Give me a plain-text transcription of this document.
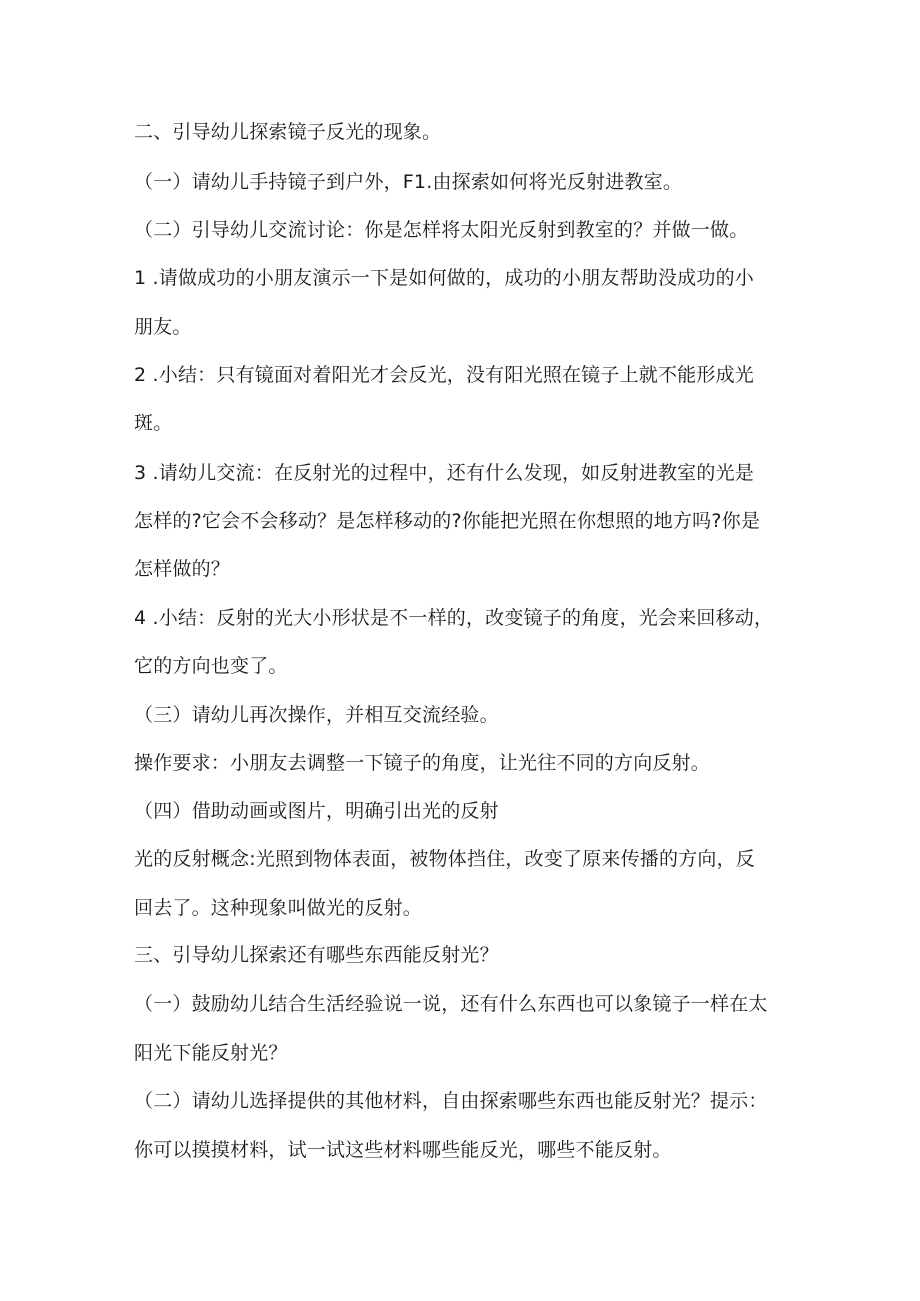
二、引导幼儿探索镜子反光的现象。
（一）请幼儿手持镜子到户外，F1.由探索如何将光反射进教室。
（二）引导幼儿交流讨论：你是怎样将太阳光反射到教室的？并做一做。
1 .请做成功的小朋友演示一下是如何做的，成功的小朋友帮助没成功的小
朋友。
2 .小结：只有镜面对着阳光才会反光，没有阳光照在镜子上就不能形成光
斑。
3 .请幼儿交流：在反射光的过程中，还有什么发现，如反射进教室的光是
怎样的?它会不会移动？是怎样移动的?你能把光照在你想照的地方吗?你是
怎样做的？
4 .小结：反射的光大小形状是不一样的，改变镜子的角度，光会来回移动，
它的方向也变了。
（三）请幼儿再次操作，并相互交流经验。
操作要求：小朋友去调整一下镜子的角度，让光往不同的方向反射。
（四）借助动画或图片，明确引出光的反射
光的反射概念:光照到物体表面，被物体挡住，改变了原来传播的方向，反
回去了。这种现象叫做光的反射。
三、引导幼儿探索还有哪些东西能反射光？
（一）鼓励幼儿结合生活经验说一说，还有什么东西也可以象镜子一样在太
阳光下能反射光？
（二）请幼儿选择提供的其他材料，自由探索哪些东西也能反射光？提示：
你可以摸摸材料，试一试这些材料哪些能反光，哪些不能反射。
